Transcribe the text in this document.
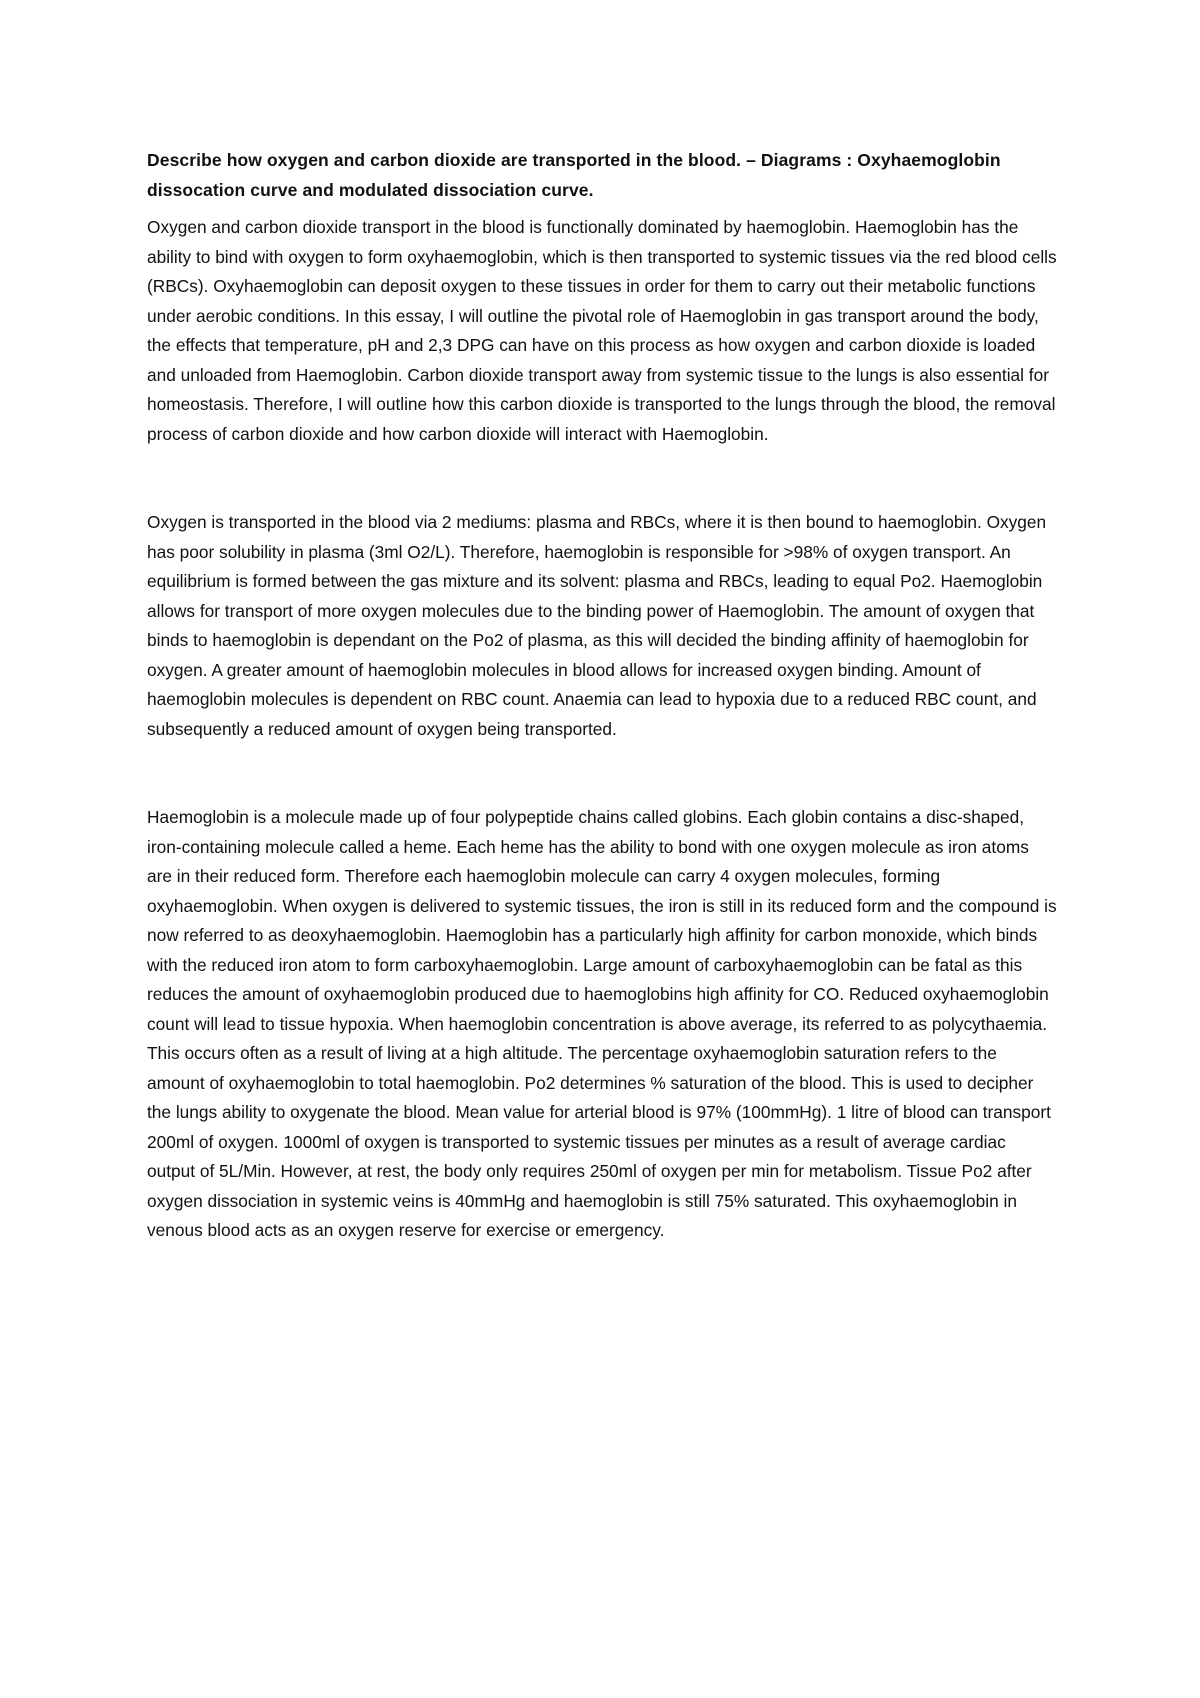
Describe how oxygen and carbon dioxide are transported in the blood. – Diagrams : Oxyhaemoglobin dissocation curve and modulated dissociation curve.

Oxygen and carbon dioxide transport in the blood is functionally dominated by haemoglobin. Haemoglobin has the ability to bind with oxygen to form oxyhaemoglobin, which is then transported to systemic tissues via the red blood cells (RBCs). Oxyhaemoglobin can deposit oxygen to these tissues in order for them to carry out their metabolic functions under aerobic conditions. In this essay, I will outline the pivotal role of Haemoglobin in gas transport around the body, the effects that temperature, pH and 2,3 DPG can have on this process as how oxygen and carbon dioxide is loaded and unloaded from Haemoglobin. Carbon dioxide transport away from systemic tissue to the lungs is also essential for homeostasis. Therefore, I will outline how this carbon dioxide is transported to the lungs through the blood, the removal process of carbon dioxide and how carbon dioxide will interact with Haemoglobin.

Oxygen is transported in the blood via 2 mediums: plasma and RBCs, where it is then bound to haemoglobin. Oxygen has poor solubility in plasma (3ml O2/L). Therefore, haemoglobin is responsible for >98% of oxygen transport. An equilibrium is formed between the gas mixture and its solvent: plasma and RBCs, leading to equal Po2. Haemoglobin allows for transport of more oxygen molecules due to the binding power of Haemoglobin. The amount of oxygen that binds to haemoglobin is dependant on the Po2 of plasma, as this will decided the binding affinity of haemoglobin for oxygen. A greater amount of haemoglobin molecules in blood allows for increased oxygen binding. Amount of haemoglobin molecules is dependent on RBC count. Anaemia can lead to hypoxia due to a reduced RBC count, and subsequently a reduced amount of oxygen being transported.

Haemoglobin is a molecule made up of four polypeptide chains called globins. Each globin contains a disc-shaped, iron-containing molecule called a heme. Each heme has the ability to bond with one oxygen molecule as iron atoms are in their reduced form. Therefore each haemoglobin molecule can carry 4 oxygen molecules, forming oxyhaemoglobin. When oxygen is delivered to systemic tissues, the iron is still in its reduced form and the compound is now referred to as deoxyhaemoglobin. Haemoglobin has a particularly high affinity for carbon monoxide, which binds with the reduced iron atom to form carboxyhaemoglobin. Large amount of carboxyhaemoglobin can be fatal as this reduces the amount of oxyhaemoglobin produced due to haemoglobins high affinity for CO. Reduced oxyhaemoglobin count will lead to tissue hypoxia. When haemoglobin concentration is above average, its referred to as polycythaemia. This occurs often as a result of living at a high altitude. The percentage oxyhaemoglobin saturation refers to the amount of oxyhaemoglobin to total haemoglobin. Po2 determines % saturation of the blood. This is used to decipher the lungs ability to oxygenate the blood. Mean value for arterial blood is 97% (100mmHg). 1 litre of blood can transport 200ml of oxygen. 1000ml of oxygen is transported to systemic tissues per minutes as a result of average cardiac output of 5L/Min. However, at rest, the body only requires 250ml of oxygen per min for metabolism. Tissue Po2 after oxygen dissociation in systemic veins is 40mmHg and haemoglobin is still 75% saturated. This oxyhaemoglobin in venous blood acts as an oxygen reserve for exercise or emergency.
